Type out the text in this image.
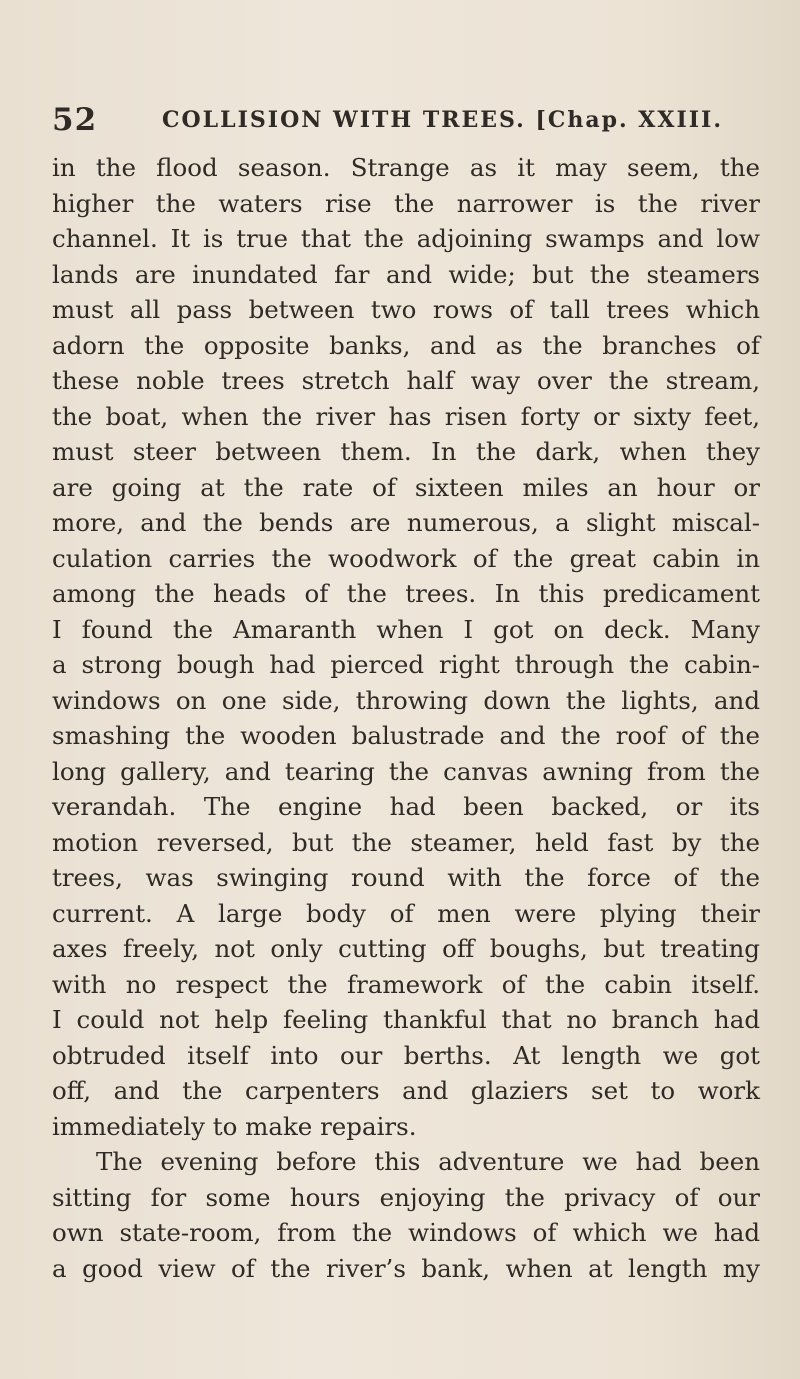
52	COLLISION WITH TREES. [Chap. XXIII.
in the flood season. Strange as it may seem, the
higher the waters rise the narrower is the river
channel. It is true that the adjoining swamps and low
lands are inundated far and wide; but the steamers
must all pass between two rows of tall trees which
adorn the opposite banks, and as the branches of
these noble trees stretch half way over the stream,
the boat, when the river has risen forty or sixty feet,
must steer between them. In the dark, when they
are going at the rate of sixteen miles an hour or
more, and the bends are numerous, a slight miscal-
culation carries the woodwork of the great cabin in
among the heads of the trees. In this predicament
I found the Amaranth when I got on deck. Many
a strong bough had pierced right through the cabin-
windows on one side, throwing down the lights, and
smashing the wooden balustrade and the roof of the
long gallery, and tearing the canvas awning from the
verandah. The engine had been backed, or its
motion reversed, but the steamer, held fast by the
trees, was swinging round with the force of the
current. A large body of men were plying their
axes freely, not only cutting off boughs, but treating
with no respect the framework of the cabin itself.
I could not help feeling thankful that no branch had
obtruded itself into our berths. At length we got
off, and the carpenters and glaziers set to work
immediately to make repairs.
The evening before this adventure we had been
sitting for some hours enjoying the privacy of our
own state-room, from the windows of which we had
a good view of the river’s bank, when at length my
